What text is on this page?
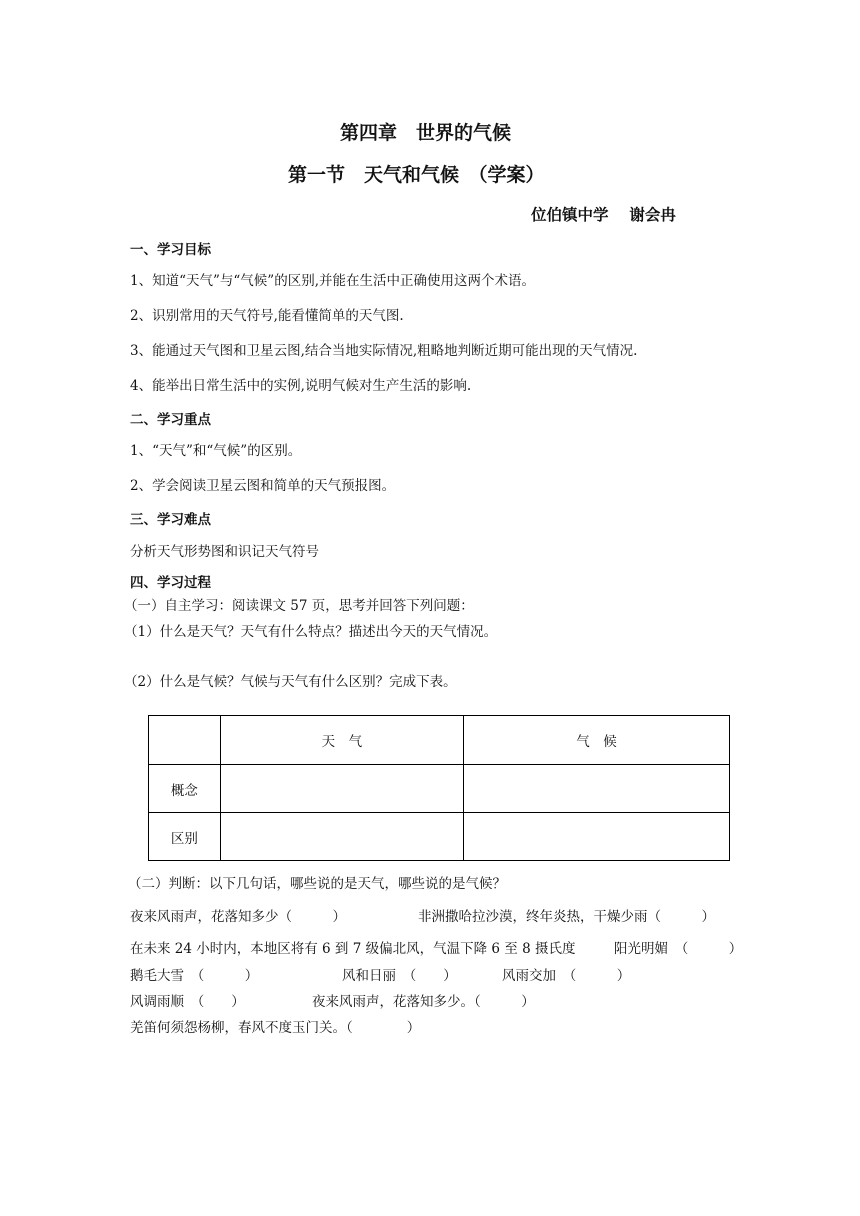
第四章　世界的气候
第一节　天气和气候　（学案）
位伯镇中学　 谢会冉
一、学习目标
1、知道“天气”与“气候”的区别,并能在生活中正确使用这两个术语。
2、识别常用的天气符号,能看懂简单的天气图.
3、能通过天气图和卫星云图,结合当地实际情况,粗略地判断近期可能出现的天气情况.
4、能举出日常生活中的实例,说明气候对生产生活的影响.
二、学习重点
1、“天气”和“气候”的区别。
2、学会阅读卫星云图和简单的天气预报图。
三、学习难点
分析天气形势图和识记天气符号
四、学习过程
（一）自主学习：阅读课文 57 页，思考并回答下列问题：
（1）什么是天气？天气有什么特点？描述出今天的天气情况。
（2）什么是气候？气候与天气有什么区别？完成下表。
	天　气	气　候
概念		
区别		
（二）判断：以下几句话，哪些说的是天气，哪些说的是气候？
夜来风雨声，花落知多少（　　　）	非洲撒哈拉沙漠，终年炎热，干燥少雨（　　　）
在未来 24 小时内，本地区将有 6 到 7 级偏北风，气温下降 6 至 8 摄氏度	阳光明媚　（　　　）
鹅毛大雪　（　　　）	风和日丽　（　　）	风雨交加　（　　　）
风调雨顺　（　　）	夜来风雨声，花落知多少。（　　　）
羌笛何须怨杨柳，春风不度玉门关。（　　　　）
